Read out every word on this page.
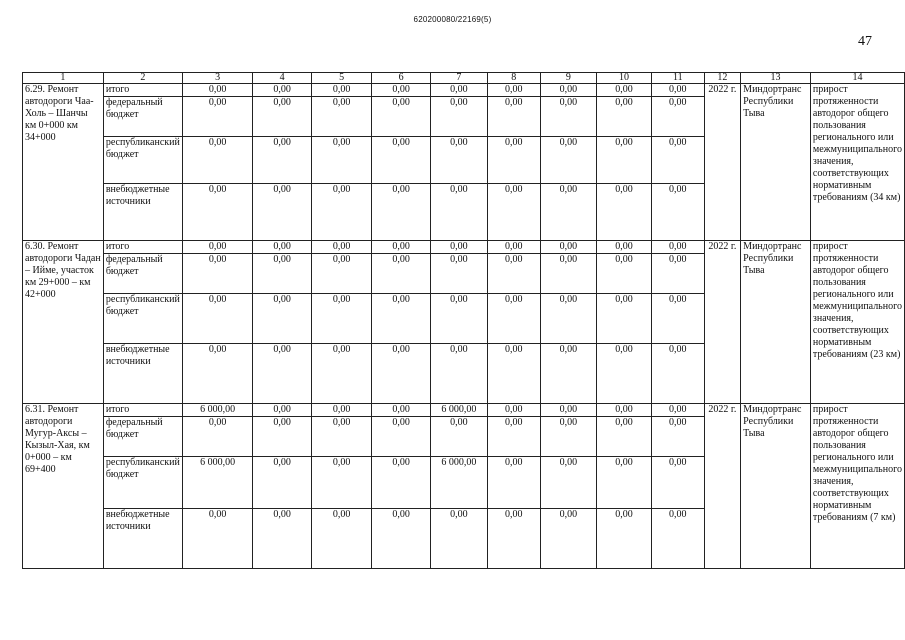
620200080/22169(5)
47
1	2	3	4	5	6	7	8	9	10	11	12	13	14
6.29. Ремонт автодороги Чаа-Холь – Шанчы км 0+000 км 34+000	итого	0,00	0,00	0,00	0,00	0,00	0,00	0,00	0,00	0,00	2022 г.	Миндортранс Республики Тыва	прирост протяженности автодорог общего пользования регионального или межмуниципального значения, соответствующих нормативным требованиям (34 км)
	федеральный бюджет	0,00	0,00	0,00	0,00	0,00	0,00	0,00	0,00	0,00			
	республиканский бюджет	0,00	0,00	0,00	0,00	0,00	0,00	0,00	0,00	0,00			
	внебюджетные источники	0,00	0,00	0,00	0,00	0,00	0,00	0,00	0,00	0,00			
6.30. Ремонт автодороги Чадан – Ийме, участок км 29+000 – км 42+000	итого	0,00	0,00	0,00	0,00	0,00	0,00	0,00	0,00	0,00	2022 г.	Миндортранс Республики Тыва	прирост протяженности автодорог общего пользования регионального или межмуниципального значения, соответствующих нормативным требованиям (23 км)
	федеральный бюджет	0,00	0,00	0,00	0,00	0,00	0,00	0,00	0,00	0,00			
	республиканский бюджет	0,00	0,00	0,00	0,00	0,00	0,00	0,00	0,00	0,00			
	внебюджетные источники	0,00	0,00	0,00	0,00	0,00	0,00	0,00	0,00	0,00			
6.31. Ремонт автодороги Мугур-Аксы – Кызыл-Хая, км 0+000 – км 69+400	итого	6 000,00	0,00	0,00	0,00	6 000,00	0,00	0,00	0,00	0,00	2022 г.	Миндортранс Республики Тыва	прирост протяженности автодорог общего пользования регионального или межмуниципального значения, соответствующих нормативным требованиям (7 км)
	федеральный бюджет	0,00	0,00	0,00	0,00	0,00	0,00	0,00	0,00	0,00			
	республиканский бюджет	6 000,00	0,00	0,00	0,00	6 000,00	0,00	0,00	0,00	0,00			
	внебюджетные источники	0,00	0,00	0,00	0,00	0,00	0,00	0,00	0,00	0,00			
